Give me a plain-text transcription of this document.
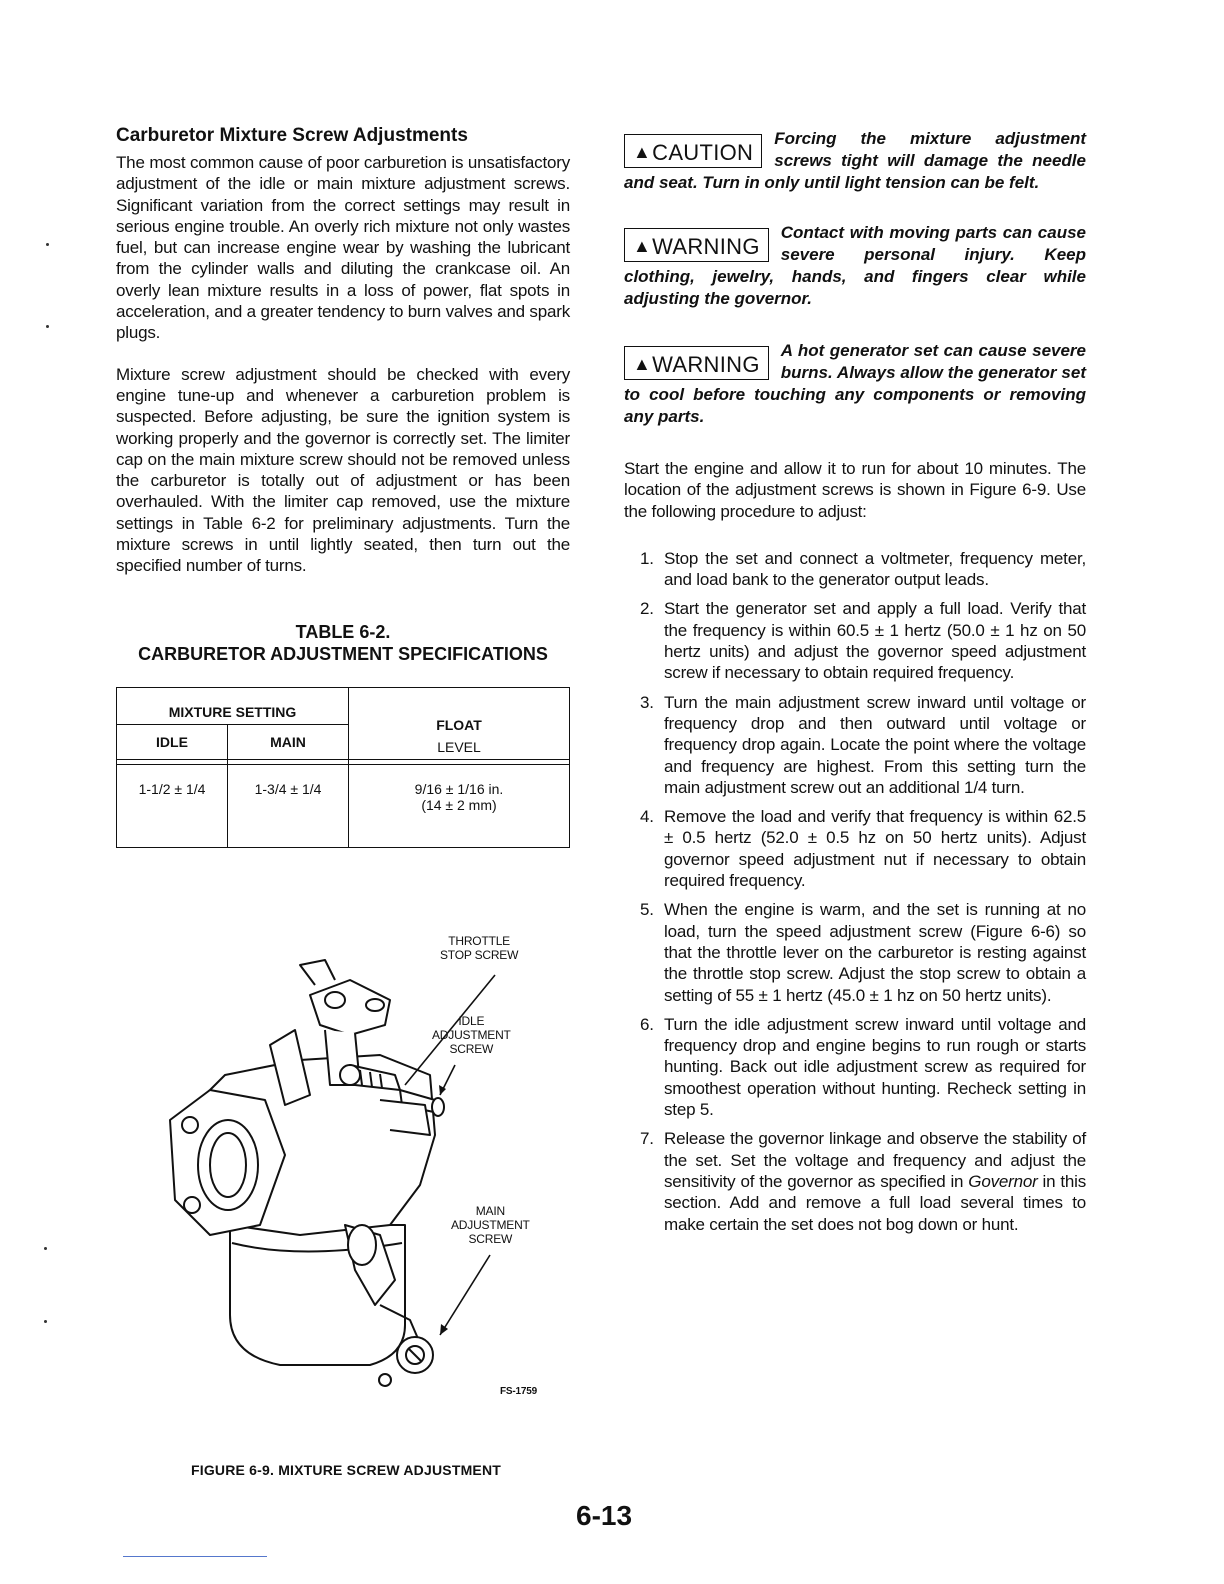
Carburetor Mixture Screw Adjustments

The most common cause of poor carburetion is unsatisfactory adjustment of the idle or main mixture adjustment screws. Significant variation from the correct settings may result in serious engine trouble. An overly rich mixture not only wastes fuel, but can increase engine wear by washing the lubricant from the cylinder walls and diluting the crankcase oil. An overly lean mixture results in a loss of power, flat spots in acceleration, and a greater tendency to burn valves and spark plugs.

Mixture screw adjustment should be checked with every engine tune-up and whenever a carburetion problem is suspected. Before adjusting, be sure the ignition system is working properly and the governor is correctly set. The limiter cap on the main mixture screw should not be removed unless the carburetor is totally out of adjustment or has been overhauled. With the limiter cap removed, use the mixture settings in Table 6-2 for preliminary adjustments. Turn the mixture screws in until lightly seated, then turn out the specified number of turns.

TABLE 6-2.
CARBURETOR ADJUSTMENT SPECIFICATIONS
MIXTURE SETTING		FLOAT
LEVEL

IDLE	MAIN	

1-1/2 ± 1/4	1-3/4 ± 1/4	9/16 ± 1/16 in.
(14 ± 2 mm)
THROTTLE
STOP SCREW
IDLE
ADJUSTMENT
SCREW
MAIN
ADJUSTMENT
SCREW
FS-1759
FIGURE 6-9. MIXTURE SCREW ADJUSTMENT
▲CAUTION
Forcing the mixture adjustment screws tight will damage the needle and seat. Turn in only until light tension can be felt.
▲WARNING
Contact with moving parts can cause severe personal injury. Keep clothing, jewelry, hands, and fingers clear while adjusting the governor.
▲WARNING
A hot generator set can cause severe burns. Always allow the generator set to cool before touching any components or removing any parts.

Start the engine and allow it to run for about 10 minutes. The location of the adjustment screws is shown in Figure 6-9. Use the following procedure to adjust:

1. Stop the set and connect a voltmeter, frequency meter, and load bank to the generator output leads.
2. Start the generator set and apply a full load. Verify that the frequency is within 60.5 ± 1 hertz (50.0 ± 1 hz on 50 hertz units) and adjust the governor speed adjustment screw if necessary to obtain required frequency.
3. Turn the main adjustment screw inward until voltage or frequency drop and then outward until voltage or frequency drop again. Locate the point where the voltage and frequency are highest. From this setting turn the main adjustment screw out an additional 1/4 turn.
4. Remove the load and verify that frequency is within 62.5 ± 0.5 hertz (52.0 ± 0.5 hz on 50 hertz units). Adjust governor speed adjustment nut if necessary to obtain required frequency.
5. When the engine is warm, and the set is running at no load, turn the speed adjustment screw (Figure 6-6) so that the throttle lever on the carburetor is resting against the throttle stop screw. Adjust the stop screw to obtain a setting of 55 ± 1 hertz (45.0 ± 1 hz on 50 hertz units).
6. Turn the idle adjustment screw inward until voltage and frequency drop and engine begins to run rough or starts hunting. Back out idle adjustment screw as required for smoothest operation without hunting. Recheck setting in step 5.
7. Release the governor linkage and observe the stability of the set. Set the voltage and frequency and adjust the sensitivity of the governor as specified in Governor in this section. Add and remove a full load several times to make certain the set does not bog down or hunt.
6-13
